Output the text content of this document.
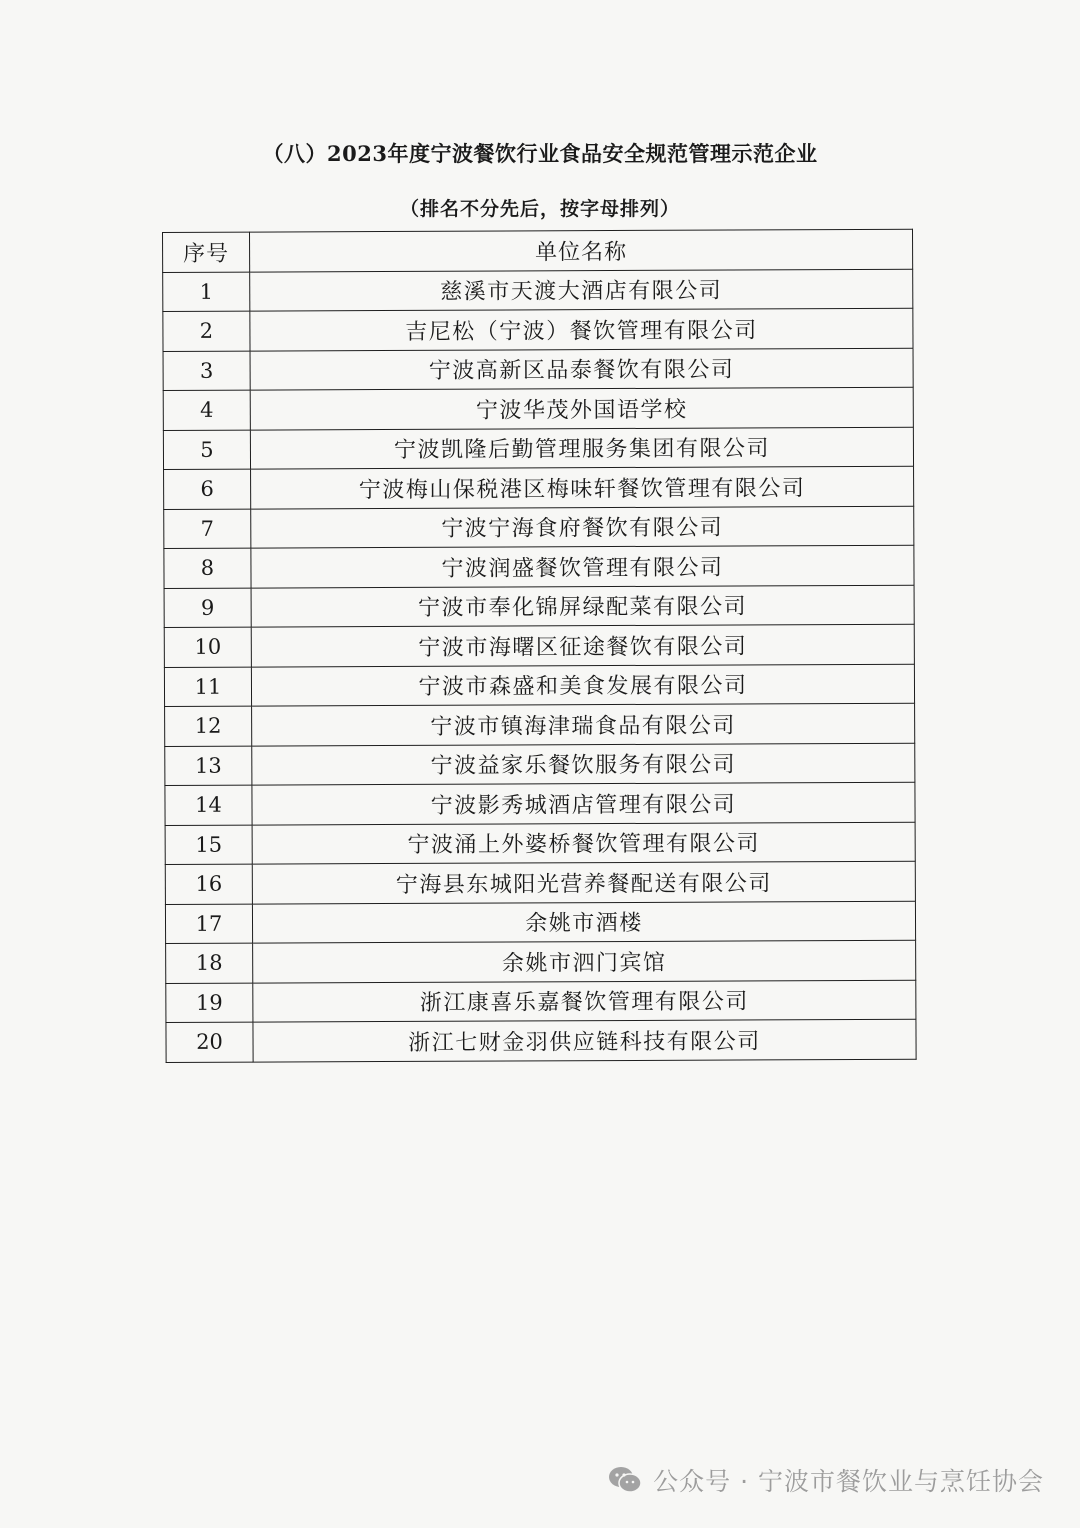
（八）2023年度宁波餐饮行业食品安全规范管理示范企业
（排名不分先后，按字母排列）
序号	单位名称
1	慈溪市天渡大酒店有限公司
2	吉尼松（宁波）餐饮管理有限公司
3	宁波高新区品泰餐饮有限公司
4	宁波华茂外国语学校
5	宁波凯隆后勤管理服务集团有限公司
6	宁波梅山保税港区梅味轩餐饮管理有限公司
7	宁波宁海食府餐饮有限公司
8	宁波润盛餐饮管理有限公司
9	宁波市奉化锦屏绿配菜有限公司
10	宁波市海曙区征途餐饮有限公司
11	宁波市森盛和美食发展有限公司
12	宁波市镇海津瑞食品有限公司
13	宁波益家乐餐饮服务有限公司
14	宁波影秀城酒店管理有限公司
15	宁波涌上外婆桥餐饮管理有限公司
16	宁海县东城阳光营养餐配送有限公司
17	余姚市酒楼
18	余姚市泗门宾馆
19	浙江康喜乐嘉餐饮管理有限公司
20	浙江七财金羽供应链科技有限公司
公众号 · 宁波市餐饮业与烹饪协会
